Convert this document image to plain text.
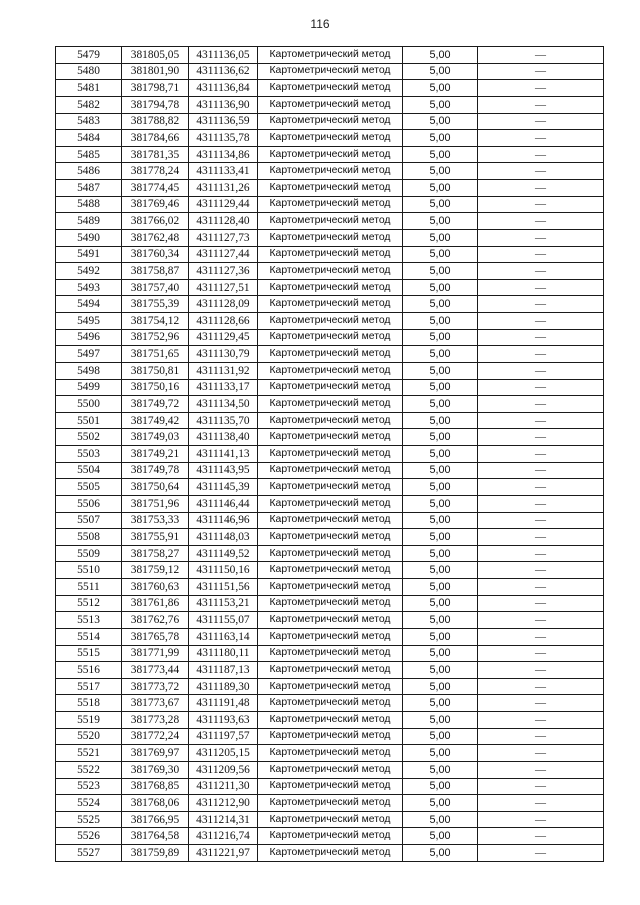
116
5479	381805,05	4311136,05	Картометрический метод	5,00	—
5480	381801,90	4311136,62	Картометрический метод	5,00	—
5481	381798,71	4311136,84	Картометрический метод	5,00	—
5482	381794,78	4311136,90	Картометрический метод	5,00	—
5483	381788,82	4311136,59	Картометрический метод	5,00	—
5484	381784,66	4311135,78	Картометрический метод	5,00	—
5485	381781,35	4311134,86	Картометрический метод	5,00	—
5486	381778,24	4311133,41	Картометрический метод	5,00	—
5487	381774,45	4311131,26	Картометрический метод	5,00	—
5488	381769,46	4311129,44	Картометрический метод	5,00	—
5489	381766,02	4311128,40	Картометрический метод	5,00	—
5490	381762,48	4311127,73	Картометрический метод	5,00	—
5491	381760,34	4311127,44	Картометрический метод	5,00	—
5492	381758,87	4311127,36	Картометрический метод	5,00	—
5493	381757,40	4311127,51	Картометрический метод	5,00	—
5494	381755,39	4311128,09	Картометрический метод	5,00	—
5495	381754,12	4311128,66	Картометрический метод	5,00	—
5496	381752,96	4311129,45	Картометрический метод	5,00	—
5497	381751,65	4311130,79	Картометрический метод	5,00	—
5498	381750,81	4311131,92	Картометрический метод	5,00	—
5499	381750,16	4311133,17	Картометрический метод	5,00	—
5500	381749,72	4311134,50	Картометрический метод	5,00	—
5501	381749,42	4311135,70	Картометрический метод	5,00	—
5502	381749,03	4311138,40	Картометрический метод	5,00	—
5503	381749,21	4311141,13	Картометрический метод	5,00	—
5504	381749,78	4311143,95	Картометрический метод	5,00	—
5505	381750,64	4311145,39	Картометрический метод	5,00	—
5506	381751,96	4311146,44	Картометрический метод	5,00	—
5507	381753,33	4311146,96	Картометрический метод	5,00	—
5508	381755,91	4311148,03	Картометрический метод	5,00	—
5509	381758,27	4311149,52	Картометрический метод	5,00	—
5510	381759,12	4311150,16	Картометрический метод	5,00	—
5511	381760,63	4311151,56	Картометрический метод	5,00	—
5512	381761,86	4311153,21	Картометрический метод	5,00	—
5513	381762,76	4311155,07	Картометрический метод	5,00	—
5514	381765,78	4311163,14	Картометрический метод	5,00	—
5515	381771,99	4311180,11	Картометрический метод	5,00	—
5516	381773,44	4311187,13	Картометрический метод	5,00	—
5517	381773,72	4311189,30	Картометрический метод	5,00	—
5518	381773,67	4311191,48	Картометрический метод	5,00	—
5519	381773,28	4311193,63	Картометрический метод	5,00	—
5520	381772,24	4311197,57	Картометрический метод	5,00	—
5521	381769,97	4311205,15	Картометрический метод	5,00	—
5522	381769,30	4311209,56	Картометрический метод	5,00	—
5523	381768,85	4311211,30	Картометрический метод	5,00	—
5524	381768,06	4311212,90	Картометрический метод	5,00	—
5525	381766,95	4311214,31	Картометрический метод	5,00	—
5526	381764,58	4311216,74	Картометрический метод	5,00	—
5527	381759,89	4311221,97	Картометрический метод	5,00	—
